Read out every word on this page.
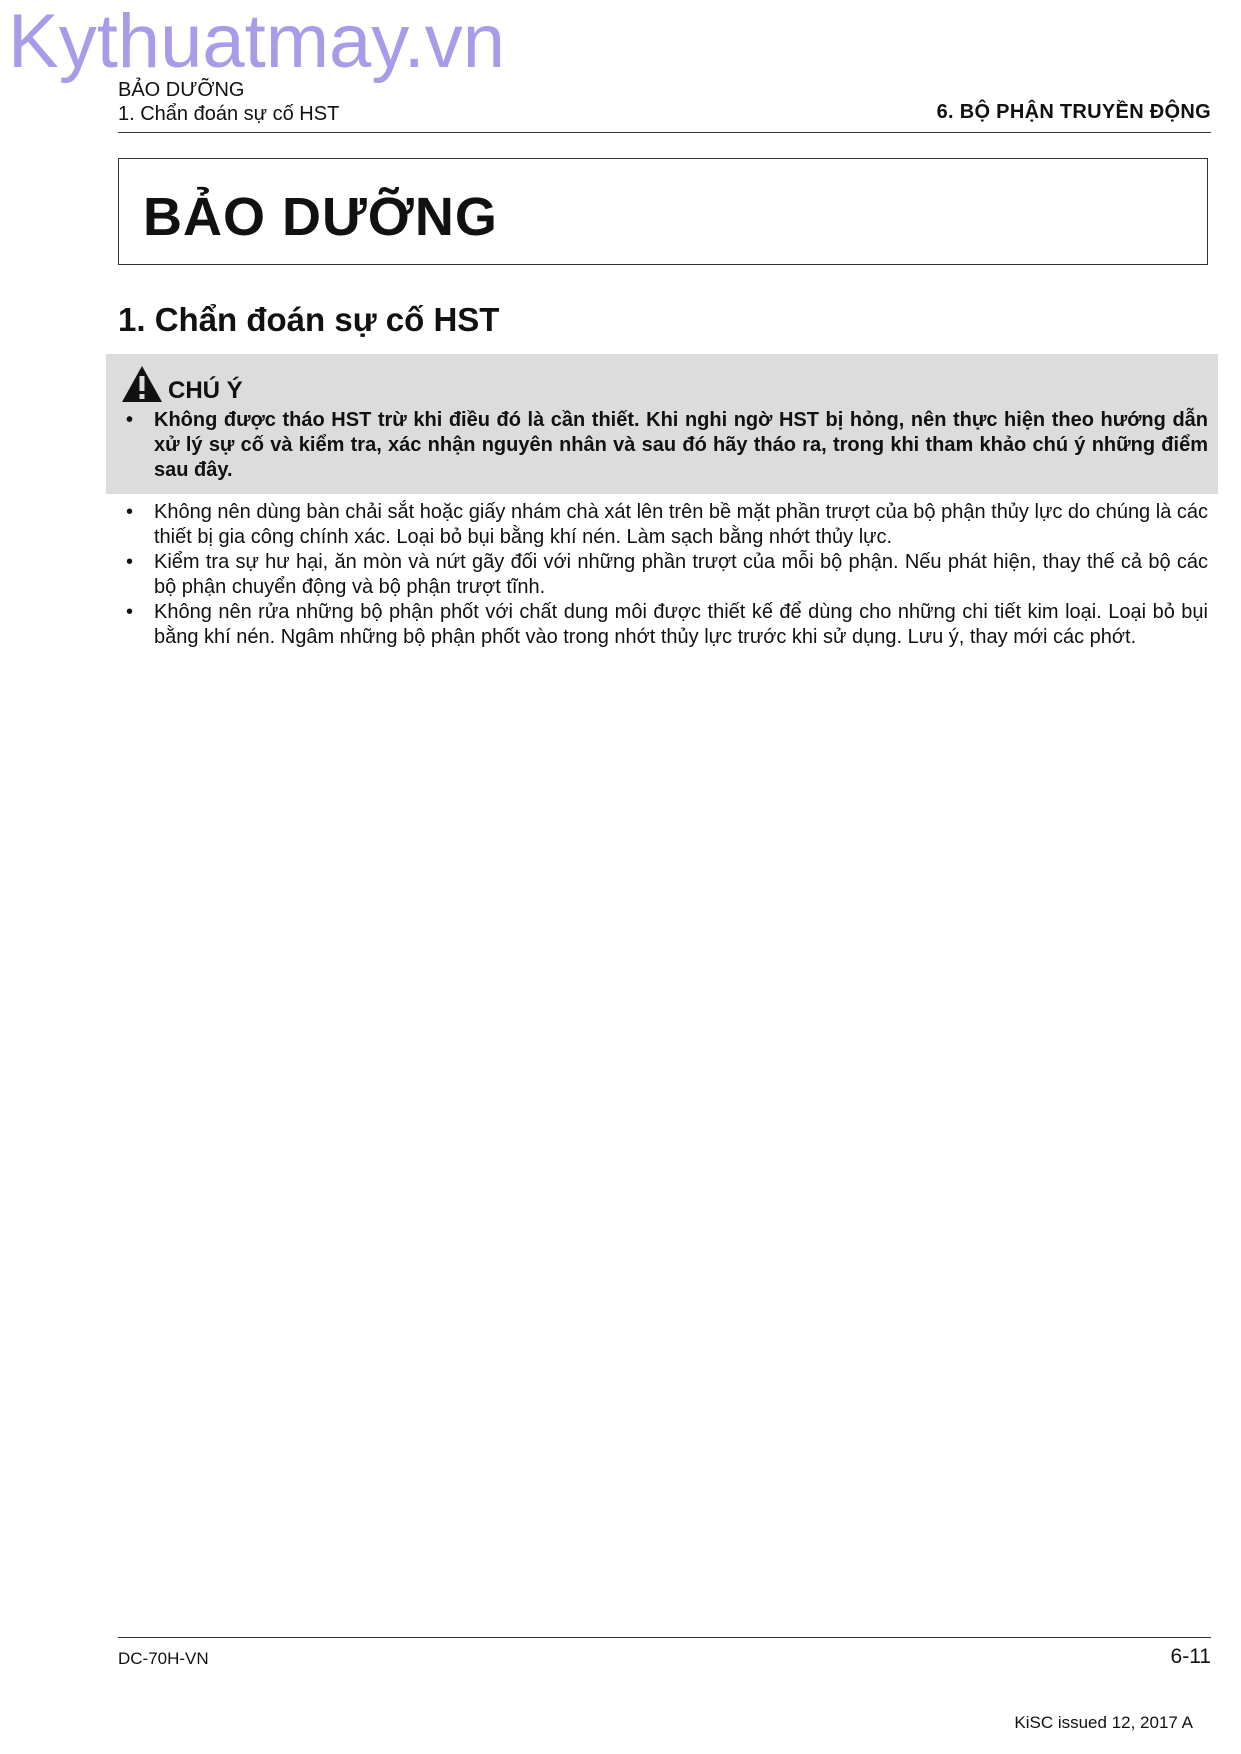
Kythuatmay.vn
BẢO DƯỠNG
1. Chẩn đoán sự cố HST	6. BỘ PHẬN TRUYỀN ĐỘNG
BẢO DƯỠNG
1. Chẩn đoán sự cố HST
CHÚ Ý
•	Không được tháo HST trừ khi điều đó là cần thiết. Khi nghi ngờ HST bị hỏng, nên thực hiện theo hướng dẫn xử lý sự cố và kiểm tra, xác nhận nguyên nhân và sau đó hãy tháo ra, trong khi tham khảo chú ý những điểm sau đây.
•	Không nên dùng bàn chải sắt hoặc giấy nhám chà xát lên trên bề mặt phần trượt của bộ phận thủy lực do chúng là các thiết bị gia công chính xác. Loại bỏ bụi bằng khí nén. Làm sạch bằng nhớt thủy lực.
•	Kiểm tra sự hư hại, ăn mòn và nứt gãy đối với những phần trượt của mỗi bộ phận. Nếu phát hiện, thay thế cả bộ các bộ phận chuyển động và bộ phận trượt tĩnh.
•	Không nên rửa những bộ phận phốt với chất dung môi được thiết kế để dùng cho những chi tiết kim loại. Loại bỏ bụi bằng khí nén. Ngâm những bộ phận phốt vào trong nhớt thủy lực trước khi sử dụng. Lưu ý, thay mới các phớt.
DC-70H-VN	6-11
KiSC issued 12, 2017 A
